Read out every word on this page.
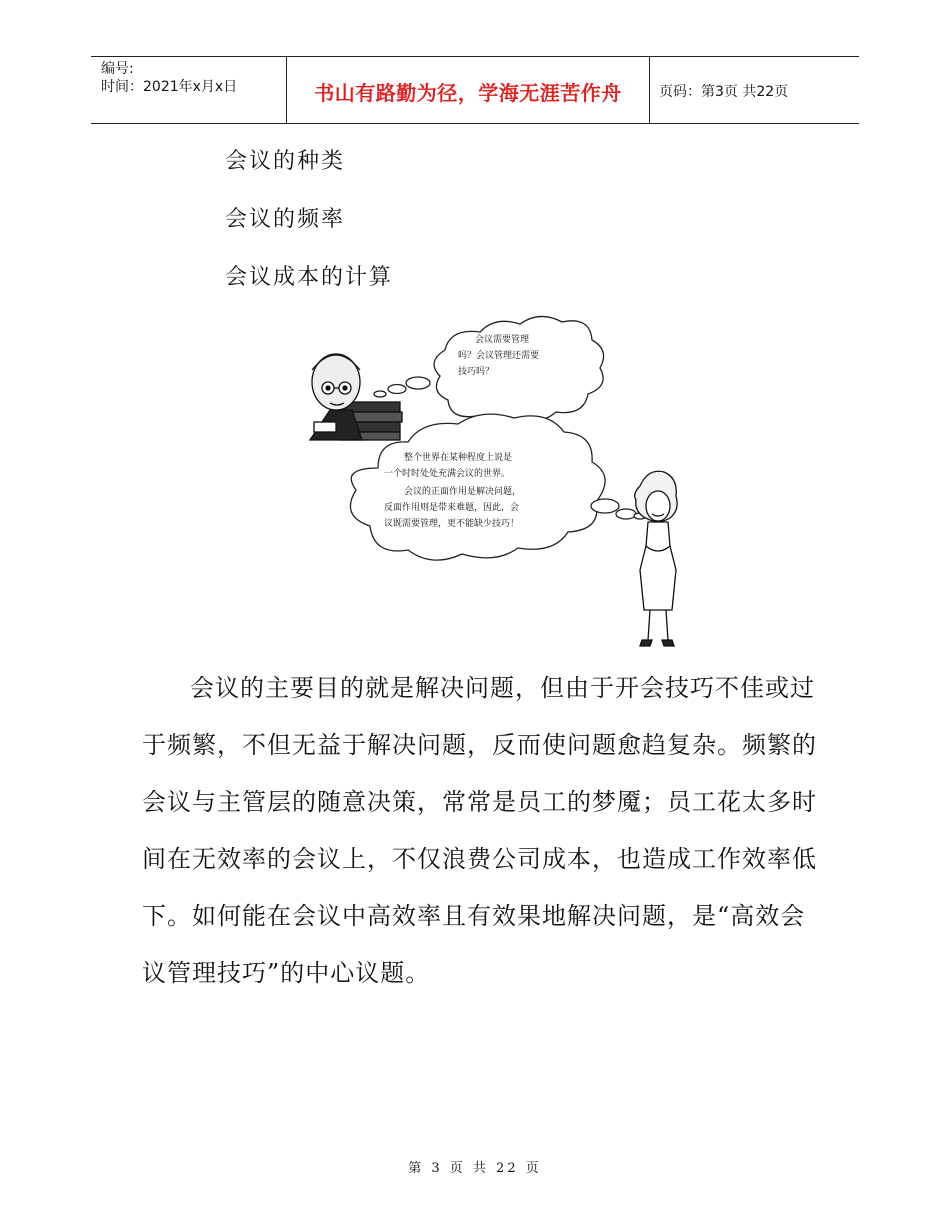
编号:
时间：2021年x月x日	书山有路勤为径，学海无涯苦作舟	页码：第3页 共22页
会议的种类
会议的频率
会议成本的计算
会议需要管理
吗？会议管理还需要
技巧吗？
整个世界在某种程度上说是
一个时时处处充满会议的世界。
会议的正面作用是解决问题，
反面作用则是带来难题，因此，会
议既需要管理，更不能缺少技巧！
会议的主要目的就是解决问题，但由于开会技巧不佳或过
于频繁，不但无益于解决问题，反而使问题愈趋复杂。频繁的
会议与主管层的随意决策，常常是员工的梦魇；员工花太多时
间在无效率的会议上，不仅浪费公司成本，也造成工作效率低
下。如何能在会议中高效率且有效果地解决问题，是“高效会
议管理技巧”的中心议题。
第 3 页 共 22 页
